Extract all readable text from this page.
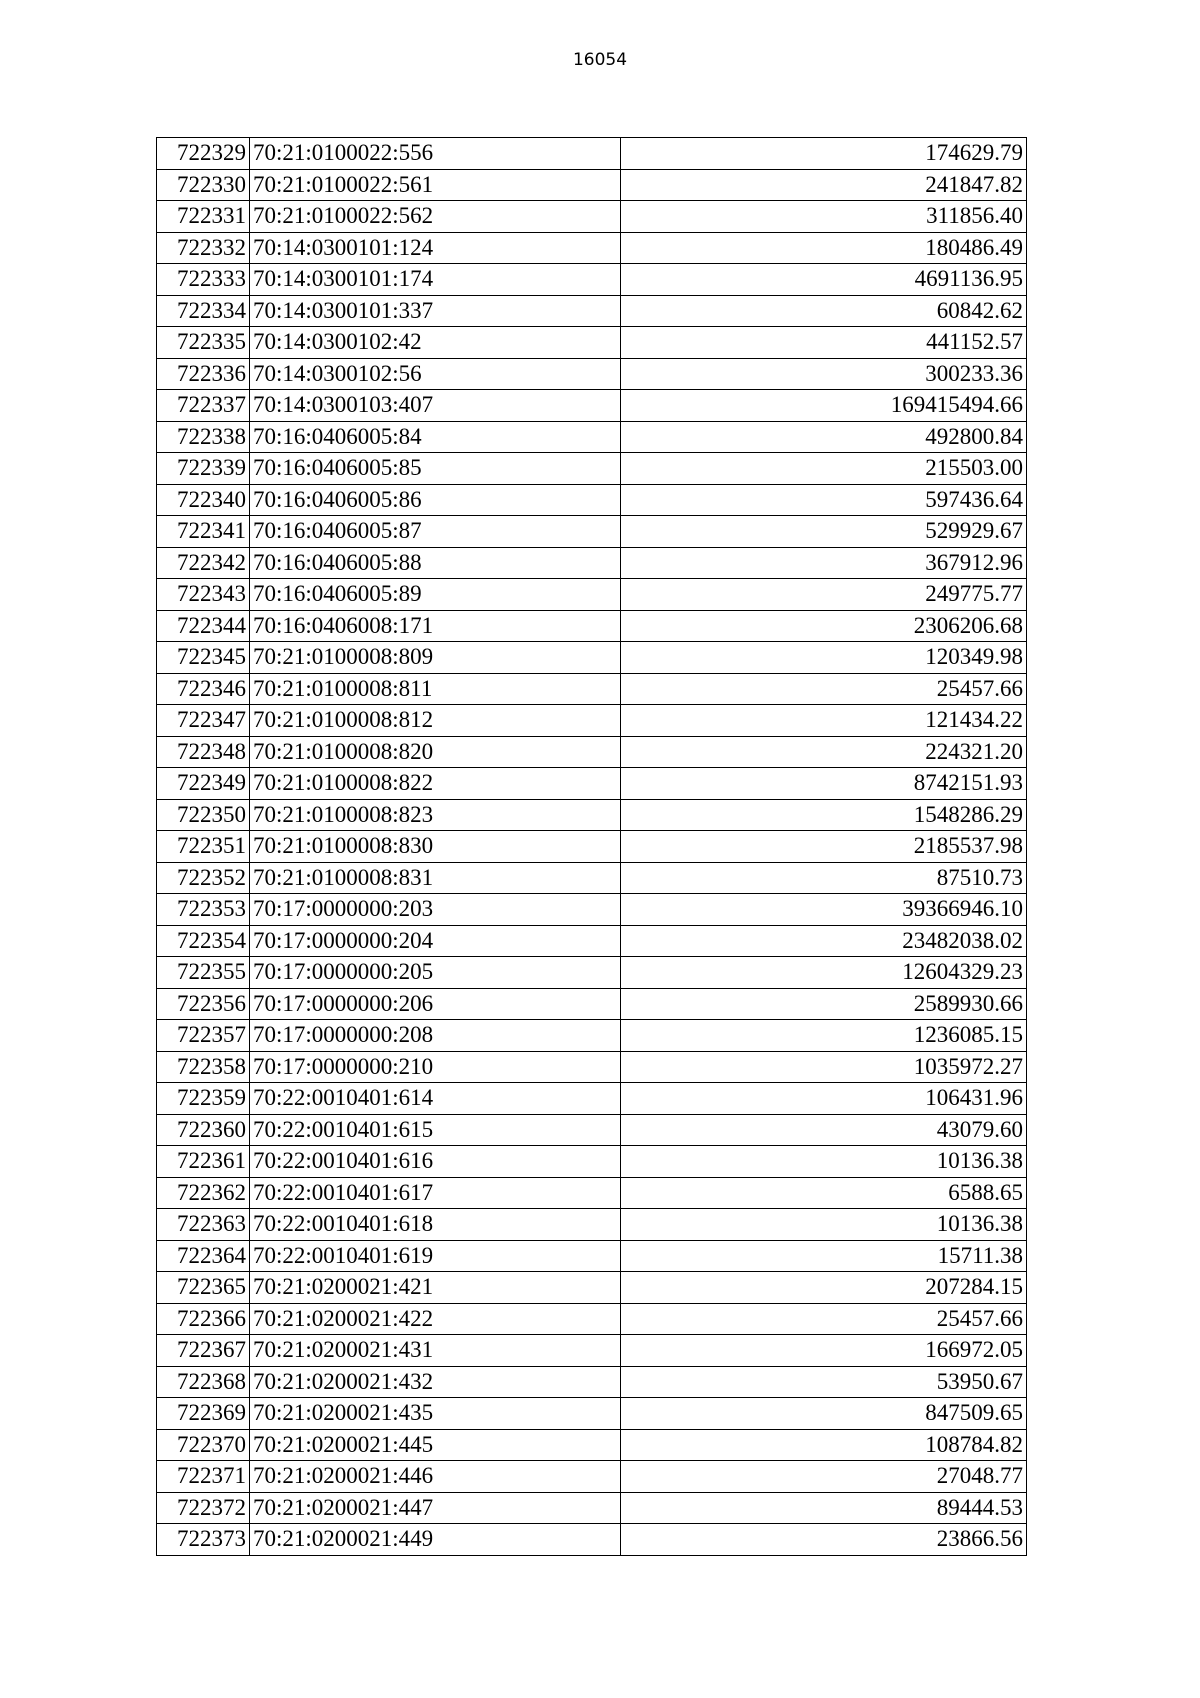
16054
722329	70:21:0100022:556	174629.79
722330	70:21:0100022:561	241847.82
722331	70:21:0100022:562	311856.40
722332	70:14:0300101:124	180486.49
722333	70:14:0300101:174	4691136.95
722334	70:14:0300101:337	60842.62
722335	70:14:0300102:42	441152.57
722336	70:14:0300102:56	300233.36
722337	70:14:0300103:407	169415494.66
722338	70:16:0406005:84	492800.84
722339	70:16:0406005:85	215503.00
722340	70:16:0406005:86	597436.64
722341	70:16:0406005:87	529929.67
722342	70:16:0406005:88	367912.96
722343	70:16:0406005:89	249775.77
722344	70:16:0406008:171	2306206.68
722345	70:21:0100008:809	120349.98
722346	70:21:0100008:811	25457.66
722347	70:21:0100008:812	121434.22
722348	70:21:0100008:820	224321.20
722349	70:21:0100008:822	8742151.93
722350	70:21:0100008:823	1548286.29
722351	70:21:0100008:830	2185537.98
722352	70:21:0100008:831	87510.73
722353	70:17:0000000:203	39366946.10
722354	70:17:0000000:204	23482038.02
722355	70:17:0000000:205	12604329.23
722356	70:17:0000000:206	2589930.66
722357	70:17:0000000:208	1236085.15
722358	70:17:0000000:210	1035972.27
722359	70:22:0010401:614	106431.96
722360	70:22:0010401:615	43079.60
722361	70:22:0010401:616	10136.38
722362	70:22:0010401:617	6588.65
722363	70:22:0010401:618	10136.38
722364	70:22:0010401:619	15711.38
722365	70:21:0200021:421	207284.15
722366	70:21:0200021:422	25457.66
722367	70:21:0200021:431	166972.05
722368	70:21:0200021:432	53950.67
722369	70:21:0200021:435	847509.65
722370	70:21:0200021:445	108784.82
722371	70:21:0200021:446	27048.77
722372	70:21:0200021:447	89444.53
722373	70:21:0200021:449	23866.56
